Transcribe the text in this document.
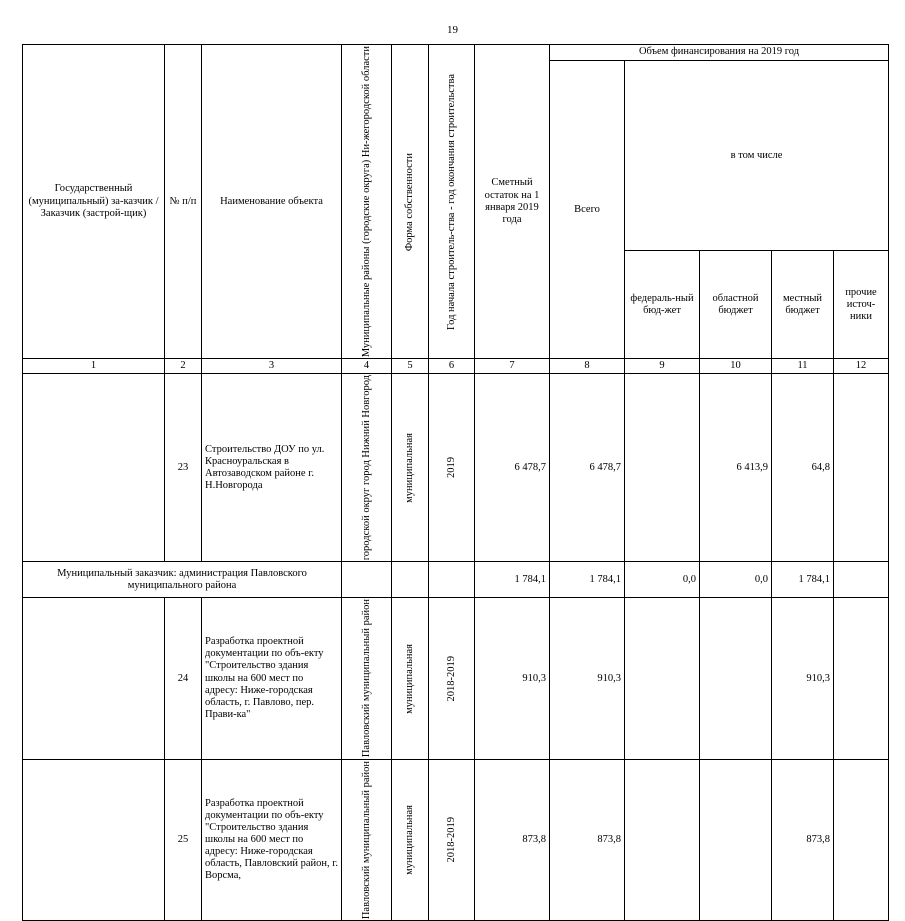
19
Государственный (муниципальный) за-казчик / Заказчик (застрой-щик)	№ п/п	Наименование объекта	Муниципальные районы (городские округа) Ни-жегородской области	Форма собственности	Год начала строитель-ства - год окончания строительства	Сметный остаток на 1 января 2019 года	Объем финансирования на 2019 год				
							Всего	в том числе			
								федераль-ный бюд-жет	областной бюджет	местный бюджет	прочие источ-ники
1	2	3	4	5	6	7	8	9	10	11	12
	23	Строительство ДОУ по ул. Красноуральская в Автозаводском районе г. Н.Новгорода	городской округ город Нижний Новгород	муниципальная	2019	6 478,7	6 478,7		6 413,9	64,8	
Муниципальный заказчик: администрация Павловского муниципального района						1 784,1	1 784,1	0,0	0,0	1 784,1	
	24	Разработка проектной документации по объ-екту "Строительство здания школы на 600 мест по адресу: Ниже-городская область, г. Павлово, пер. Прави-ка"	Павловский муниципальный район	муниципальная	2018-2019	910,3	910,3			910,3	
	25	Разработка проектной документации по объ-екту "Строительство здания школы на 600 мест по адресу: Ниже-городская область, Павловский район, г. Ворсма,	Павловский муниципальный район	муниципальная	2018-2019	873,8	873,8			873,8	
